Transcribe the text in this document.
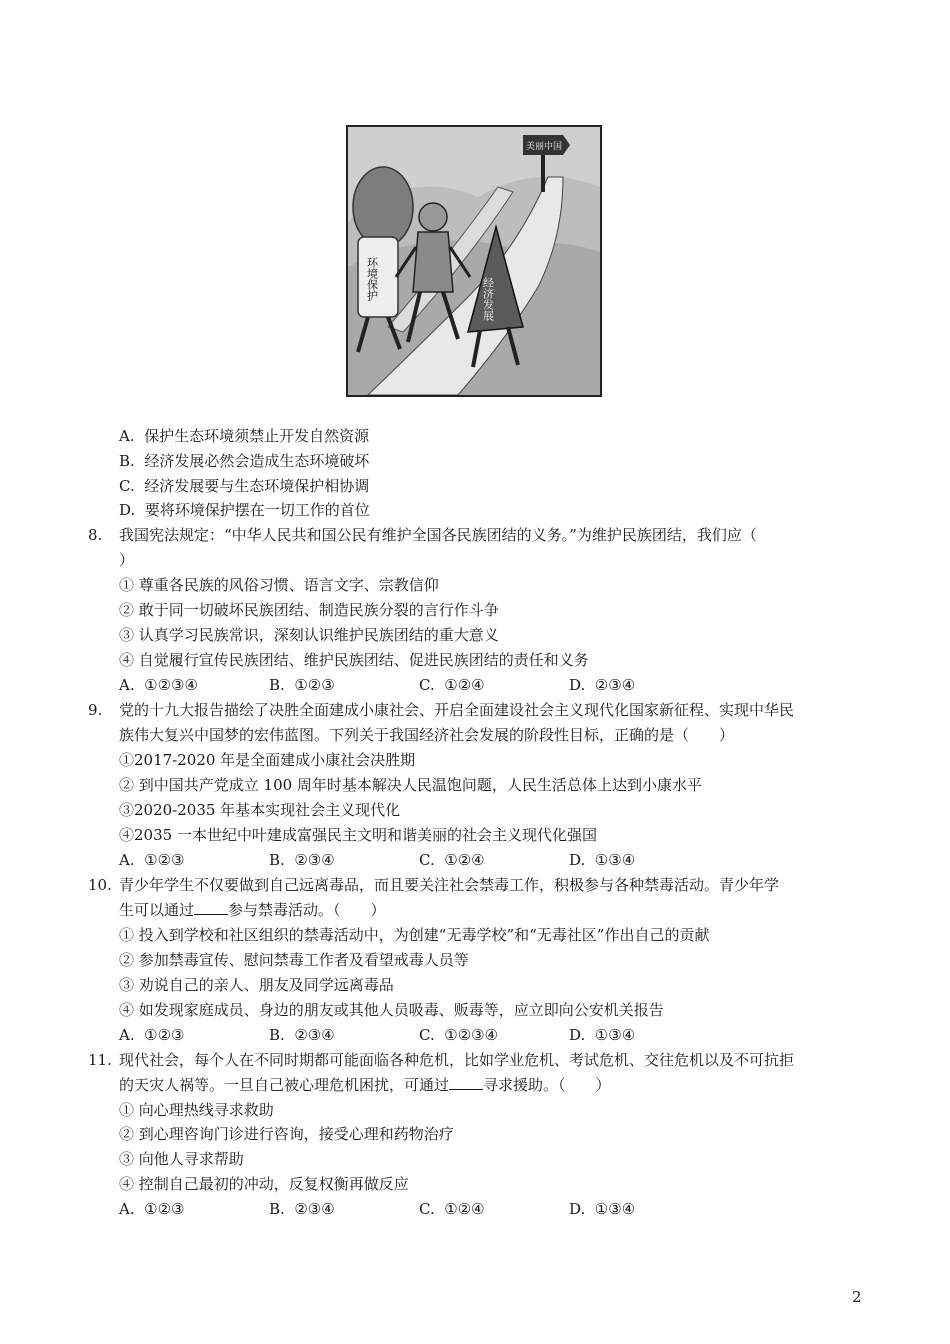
美丽中国
环境保护	经济发展
A.  保护生态环境须禁止开发自然资源
B.  经济发展必然会造成生态环境破坏
C.  经济发展要与生态环境保护相协调
D.  要将环境保护摆在一切工作的首位
8. 我国宪法规定：“中华人民共和国公民有维护全国各民族团结的义务。”为维护民族团结，我们应（
）
① 尊重各民族的风俗习惯、语言文字、宗教信仰
② 敢于同一切破坏民族团结、制造民族分裂的言行作斗争
③ 认真学习民族常识，深刻认识维护民族团结的重大意义
④ 自觉履行宣传民族团结、维护民族团结、促进民族团结的责任和义务
A.  ①②③④	B.  ①②③	C.  ①②④	D.  ②③④
9. 党的十九大报告描绘了决胜全面建成小康社会、开启全面建设社会主义现代化国家新征程、实现中华民
族伟大复兴中国梦的宏伟蓝图。下列关于我国经济社会发展的阶段性目标，正确的是（　　）
①2017-2020 年是全面建成小康社会决胜期
② 到中国共产党成立 100 周年时基本解决人民温饱问题，人民生活总体上达到小康水平
③2020-2035 年基本实现社会主义现代化
④2035 一本世纪中叶建成富强民主文明和谐美丽的社会主义现代化强国
A.  ①②③	B.  ②③④	C.  ①②④	D.  ①③④
10. 青少年学生不仅要做到自己远离毒品，而且要关注社会禁毒工作，积极参与各种禁毒活动。青少年学
生可以通过 参与禁毒活动。（　　）
① 投入到学校和社区组织的禁毒活动中，为创建“无毒学校”和“无毒社区”作出自己的贡献
② 参加禁毒宣传、慰问禁毒工作者及看望戒毒人员等
③ 劝说自己的亲人、朋友及同学远离毒品
④ 如发现家庭成员、身边的朋友或其他人员吸毒、贩毒等，应立即向公安机关报告
A.  ①②③	B.  ②③④	C.  ①②③④	D.  ①③④
11. 现代社会，每个人在不同时期都可能面临各种危机，比如学业危机、考试危机、交往危机以及不可抗拒
的天灾人祸等。一旦自己被心理危机困扰，可通过 寻求援助。（　　）
① 向心理热线寻求救助
② 到心理咨询门诊进行咨询，接受心理和药物治疗
③ 向他人寻求帮助
④ 控制自己最初的冲动，反复权衡再做反应
A.  ①②③	B.  ②③④	C.  ①②④	D.  ①③④
2
